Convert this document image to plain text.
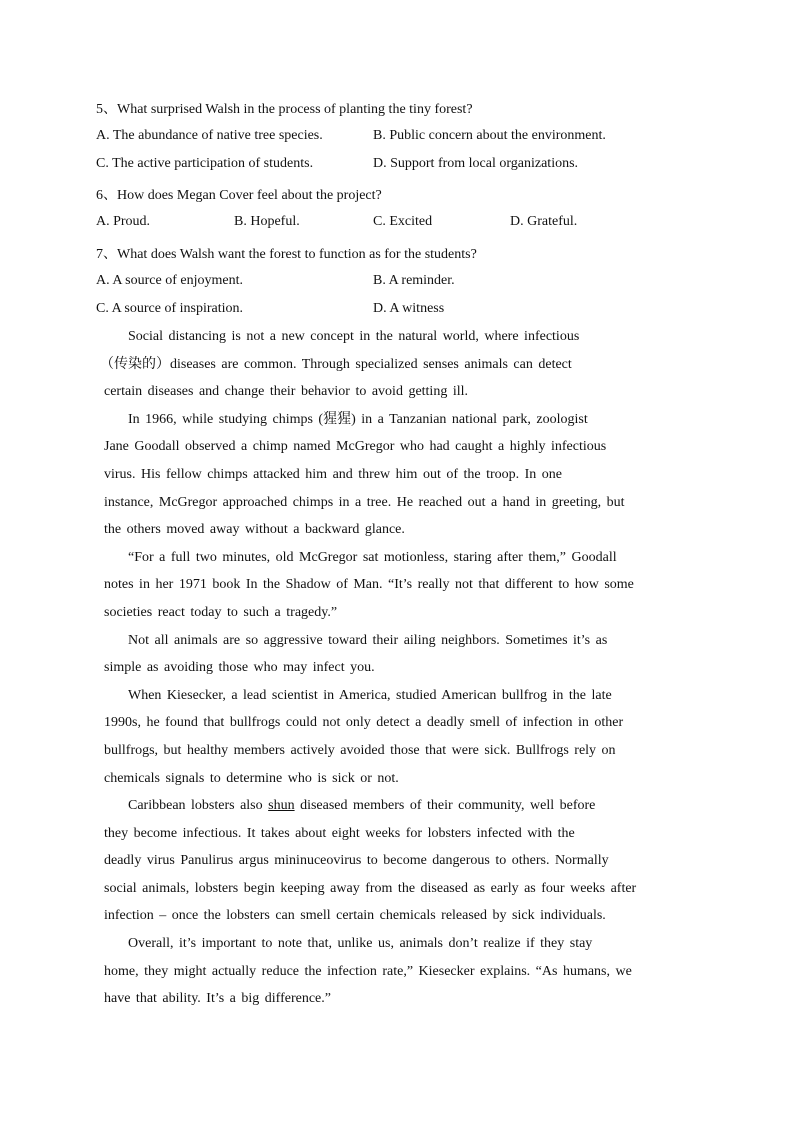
5、What surprised Walsh in the process of planting the tiny forest?
A. The abundance of native tree species.	B. Public concern about the environment.
C. The active participation of students.	D. Support from local organizations.
6、How does Megan Cover feel about the project?
A. Proud.	B. Hopeful.	C. Excited	D. Grateful.
7、What does Walsh want the forest to function as for the students?
A. A source of enjoyment.	B. A reminder.
C. A source of inspiration.	D. A witness

Social distancing is not a new concept in the natural world, where infectious
（传染的）diseases are common. Through specialized senses animals can detect
certain diseases and change their behavior to avoid getting ill.

In 1966, while studying chimps (猩猩) in a Tanzanian national park, zoologist
Jane Goodall observed a chimp named McGregor who had caught a highly infectious
virus. His fellow chimps attacked him and threw him out of the troop. In one
instance, McGregor approached chimps in a tree. He reached out a hand in greeting, but
the others moved away without a backward glance.

“For a full two minutes, old McGregor sat motionless, staring after them,” Goodall
notes in her 1971 book In the Shadow of Man. “It’s really not that different to how some
societies react today to such a tragedy.”

Not all animals are so aggressive toward their ailing neighbors. Sometimes it’s as
simple as avoiding those who may infect you.

When Kiesecker, a lead scientist in America, studied American bullfrog in the late
1990s, he found that bullfrogs could not only detect a deadly smell of infection in other
bullfrogs, but healthy members actively avoided those that were sick. Bullfrogs rely on
chemicals signals to determine who is sick or not.

Caribbean lobsters also shun diseased members of their community, well before
they become infectious. It takes about eight weeks for lobsters infected with the
deadly virus Panulirus argus mininuceovirus to become dangerous to others. Normally
social animals, lobsters begin keeping away from the diseased as early as four weeks after
infection – once the lobsters can smell certain chemicals released by sick individuals.

Overall, it’s important to note that, unlike us, animals don’t realize if they stay
home, they might actually reduce the infection rate,” Kiesecker explains. “As humans, we
have that ability. It’s a big difference.”
